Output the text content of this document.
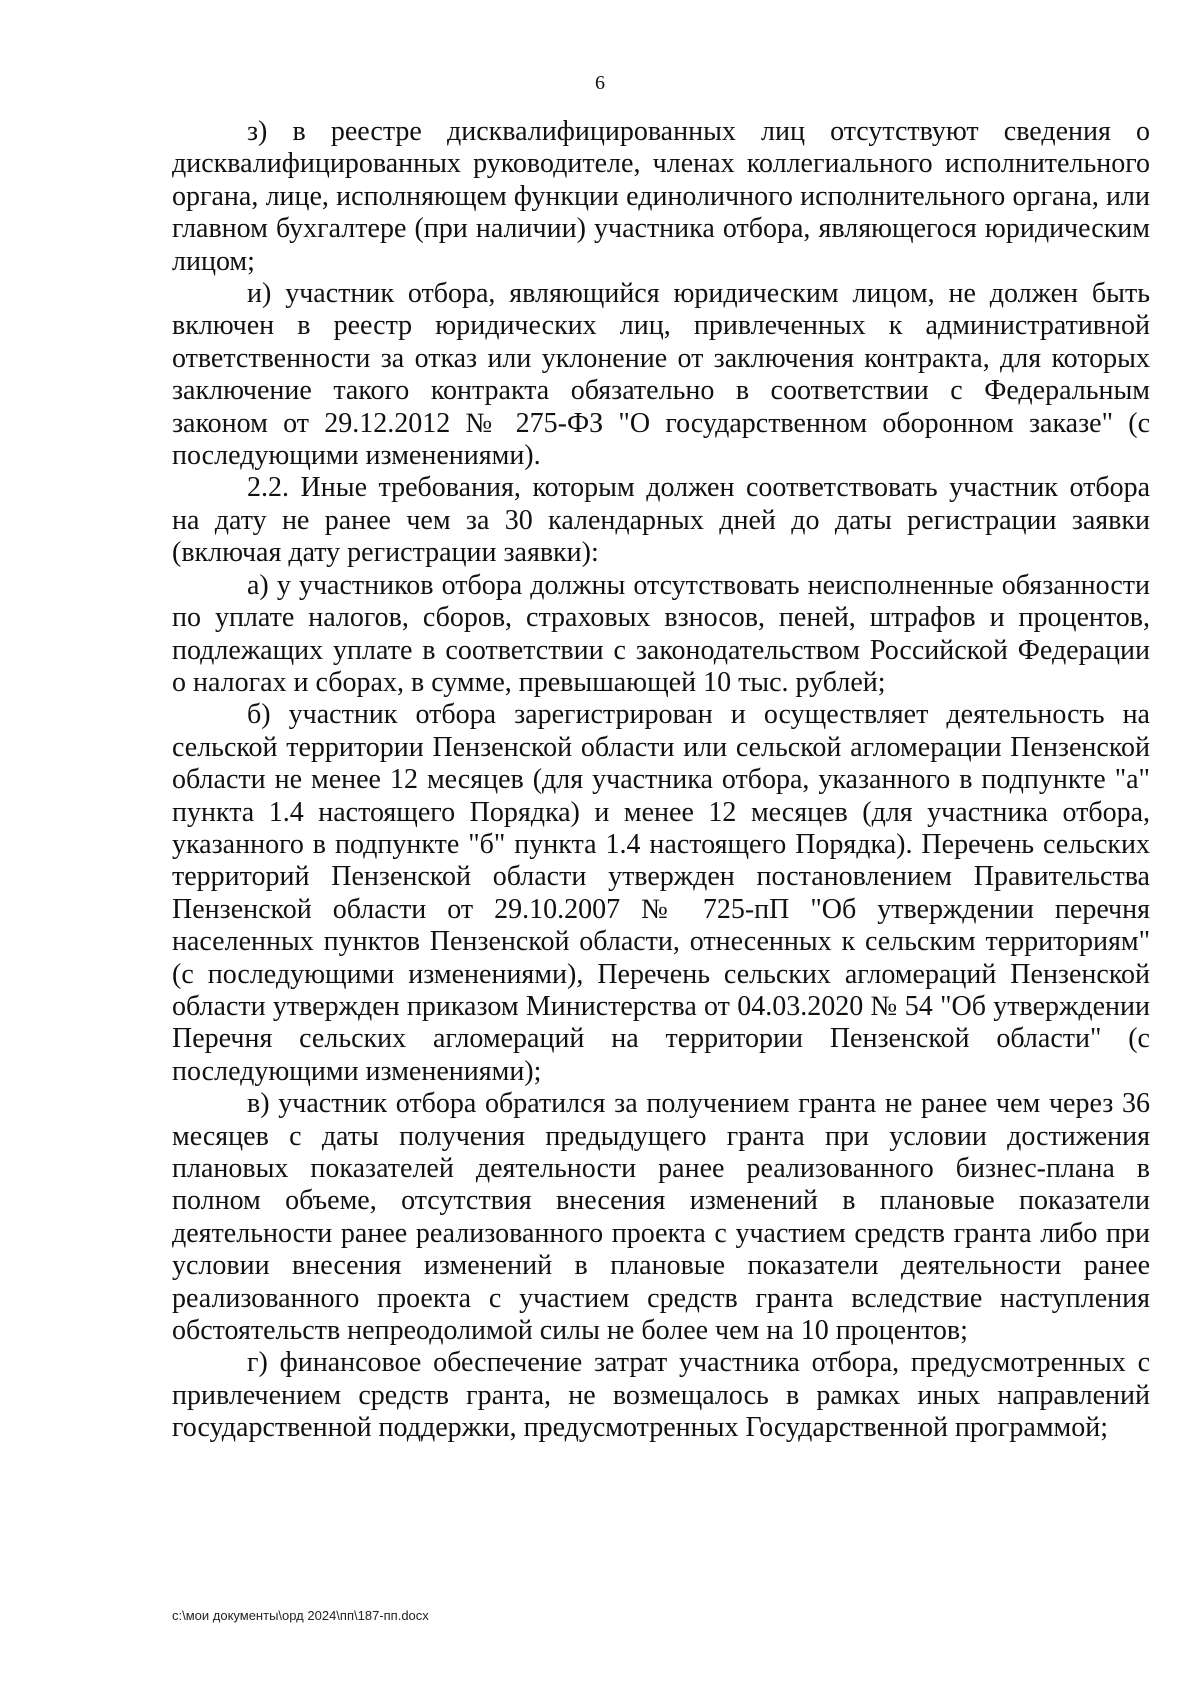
6

з) в реестре дисквалифицированных лиц отсутствуют сведения о дисквалифицированных руководителе, членах коллегиального исполнительного органа, лице, исполняющем функции единоличного исполнительного органа, или главном бухгалтере (при наличии) участника отбора, являющегося юридическим лицом;

и) участник отбора, являющийся юридическим лицом, не должен быть включен в реестр юридических лиц, привлеченных к административной ответственности за отказ или уклонение от заключения контракта, для которых заключение такого контракта обязательно в соответствии с Федеральным законом от 29.12.2012 № 275-ФЗ "О государственном оборонном заказе" (с последующими изменениями).

2.2. Иные требования, которым должен соответствовать участник отбора на дату не ранее чем за 30 календарных дней до даты регистрации заявки (включая дату регистрации заявки):

а) у участников отбора должны отсутствовать неисполненные обязанности по уплате налогов, сборов, страховых взносов, пеней, штрафов и процентов, подлежащих уплате в соответствии с законодательством Российской Федерации о налогах и сборах, в сумме, превышающей 10 тыс. рублей;

б) участник отбора зарегистрирован и осуществляет деятельность на сельской территории Пензенской области или сельской агломерации Пензенской области не менее 12 месяцев (для участника отбора, указанного в подпункте "а" пункта 1.4 настоящего Порядка) и менее 12 месяцев (для участника отбора, указанного в подпункте "б" пункта 1.4 настоящего Порядка). Перечень сельских территорий Пензенской области утвержден постановлением Правительства Пензенской области от 29.10.2007 № 725-пП "Об утверждении перечня населенных пунктов Пензенской области, отнесенных к сельским территориям" (с последующими изменениями), Перечень сельских агломераций Пензенской области утвержден приказом Министерства от 04.03.2020 № 54 "Об утверждении Перечня сельских агломераций на территории Пензенской области" (с последующими изменениями);

в) участник отбора обратился за получением гранта не ранее чем через 36 месяцев с даты получения предыдущего гранта при условии достижения плановых показателей деятельности ранее реализованного бизнес-плана в полном объеме, отсутствия внесения изменений в плановые показатели деятельности ранее реализованного проекта с участием средств гранта либо при условии внесения изменений в плановые показатели деятельности ранее реализованного проекта с участием средств гранта вследствие наступления обстоятельств непреодолимой силы не более чем на 10 процентов;

г) финансовое обеспечение затрат участника отбора, предусмотренных с привлечением средств гранта, не возмещалось в рамках иных направлений государственной поддержки, предусмотренных Государственной программой;

c:\мои документы\орд 2024\пп\187-пп.docx
